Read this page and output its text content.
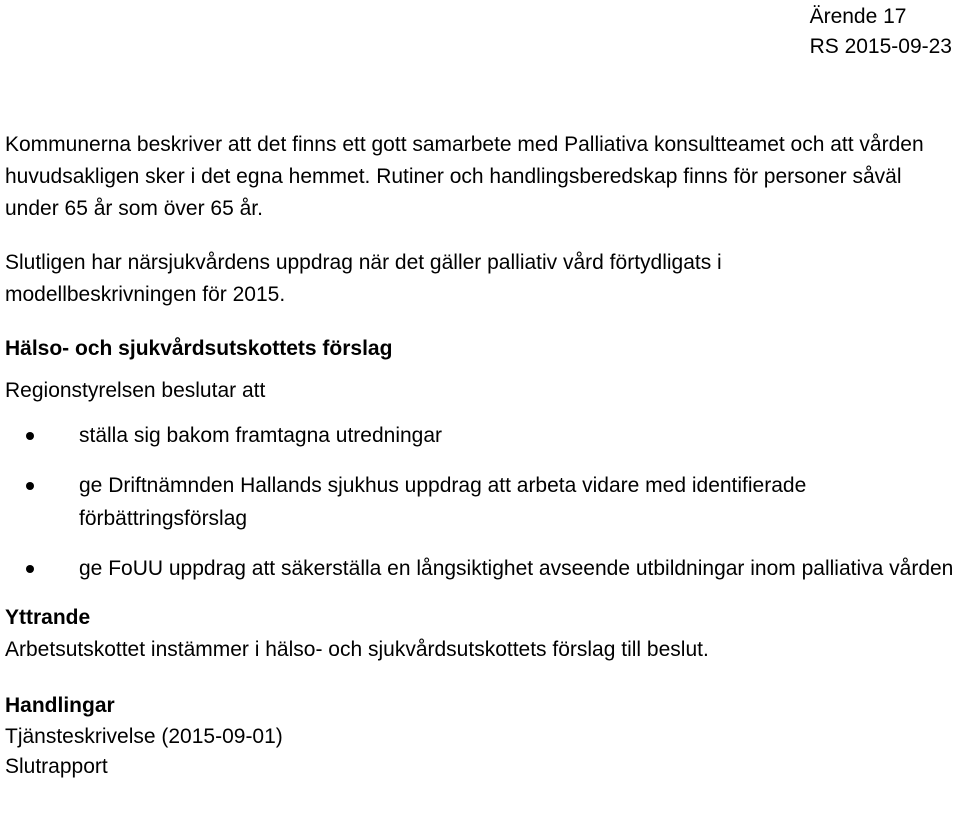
Ärende 17
RS 2015-09-23

Kommunerna beskriver att det finns ett gott samarbete med Palliativa konsultteamet och att vården huvudsakligen sker i det egna hemmet. Rutiner och handlingsberedskap finns för personer såväl under 65 år som över 65 år.

Slutligen har närsjukvårdens uppdrag när det gäller palliativ vård förtydligats i modellbeskrivningen för 2015.

Hälso- och sjukvårdsutskottets förslag

Regionstyrelsen beslutar att

ställa sig bakom framtagna utredningar
ge Driftnämnden Hallands sjukhus uppdrag att arbeta vidare med identifierade förbättringsförslag
ge FoUU uppdrag att säkerställa en långsiktighet avseende utbildningar inom palliativa vården
Yttrande

Arbetsutskottet instämmer i hälso- och sjukvårdsutskottets förslag till beslut.

Handlingar

Tjänsteskrivelse (2015-09-01)

Slutrapport
